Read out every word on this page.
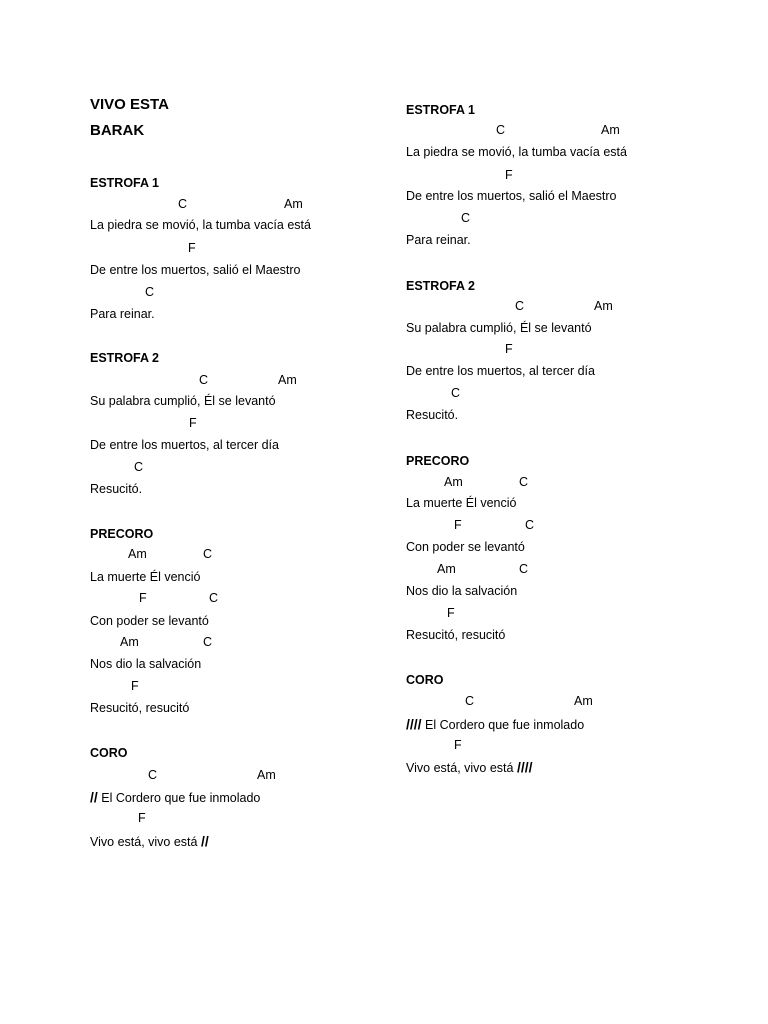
VIVO ESTA
BARAK
ESTROFA 1
C	Am
La piedra se movió, la tumba vacía está
F
De entre los muertos, salió el Maestro
C
Para reinar.
ESTROFA 2
C	Am
Su palabra cumplió, Él se levantó
F
De entre los muertos, al tercer día
C
Resucitó.
PRECORO
Am	C
La muerte Él venció
F	C
Con poder se levantó
Am	C
Nos dio la salvación
F
Resucitó, resucitó
CORO
C	Am
// El Cordero que fue inmolado
F
Vivo está, vivo está //
ESTROFA 1
C	Am
La piedra se movió, la tumba vacía está
F
De entre los muertos, salió el Maestro
C
Para reinar.
ESTROFA 2
C	Am
Su palabra cumplió, Él se levantó
F
De entre los muertos, al tercer día
C
Resucitó.
PRECORO
Am	C
La muerte Él venció
F	C
Con poder se levantó
Am	C
Nos dio la salvación
F
Resucitó, resucitó
CORO
C	Am
//// El Cordero que fue inmolado
F
Vivo está, vivo está ////
